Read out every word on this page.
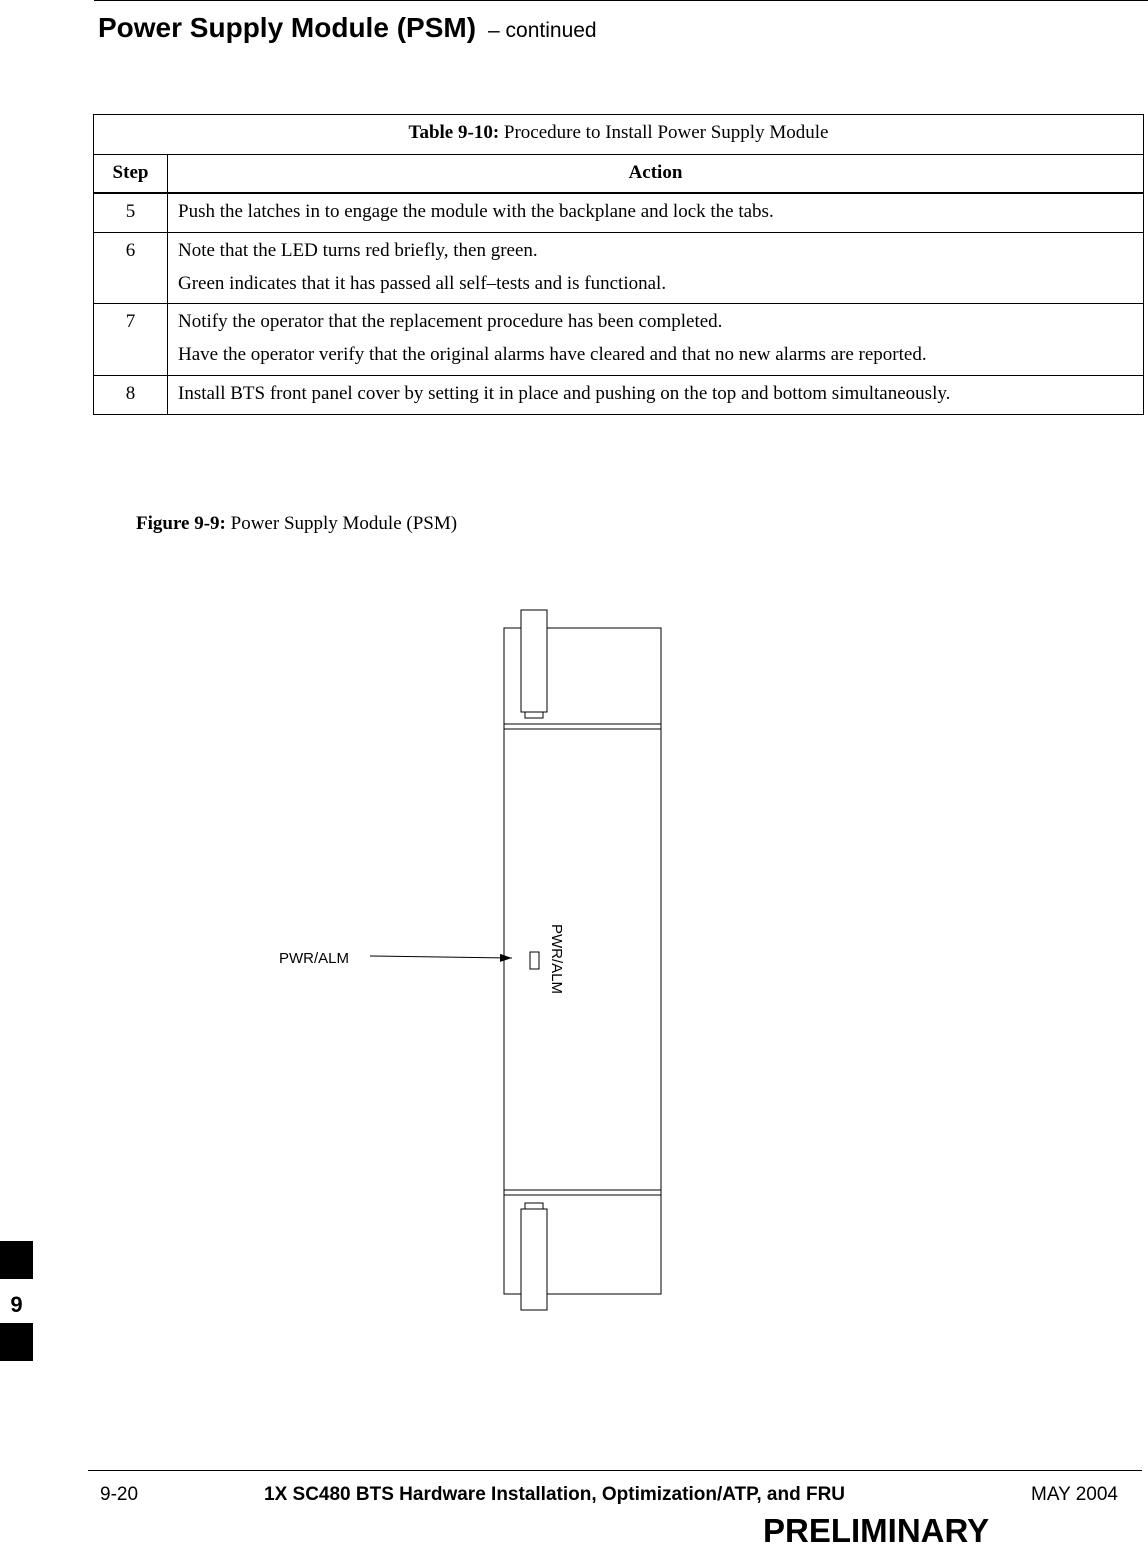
Power Supply Module (PSM) – continued
Table 9-10: Procedure to Install Power Supply Module	
Step	Action
5	Push the latches in to engage the module with the backplane and lock the tabs.

6	Note that the LED turns red briefly, then green.

Green indicates that it has passed all self–tests and is functional.

7	Notify the operator that the replacement procedure has been completed.

Have the operator verify that the original alarms have cleared and that no new alarms are reported.

8	Install BTS front panel cover by setting it in place and pushing on the top and bottom simultaneously.

Figure 9-9: Power Supply Module (PSM)
PWR/ALM
PWR/ALM
9
9-20	1X SC480 BTS Hardware Installation, Optimization/ATP, and FRU	MAY 2004
PRELIMINARY
